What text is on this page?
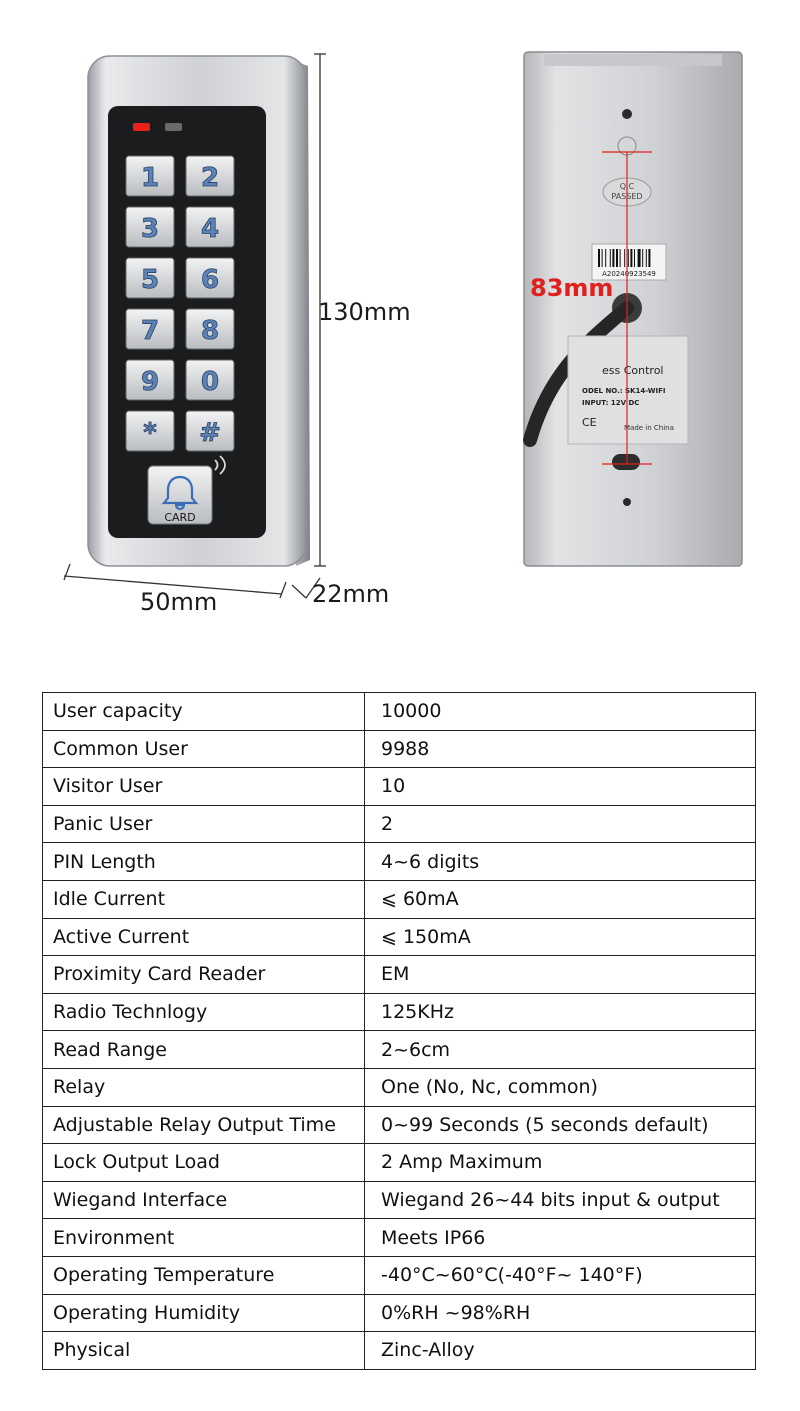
1 2
3 4
5 6
7 8
9 0
* #
CARD
130mm
50mm	22mm
Q.C
PASSED
A20240923549
ess Control
ODEL NO.: SK14-WIFI
INPUT: 12V DC
CE	Made in China
83mm
User capacity	10000
Common User	9988
Visitor User	10
Panic User	2
PIN Length	4~6 digits
Idle Current	⩽ 60mA
Active Current	⩽ 150mA
Proximity Card Reader	EM
Radio Technlogy	125KHz
Read Range	2~6cm
Relay	One (No, Nc, common)
Adjustable Relay Output Time	0~99 Seconds (5 seconds default)
Lock Output Load	2 Amp Maximum
Wiegand Interface	Wiegand 26~44 bits input & output
Environment	Meets IP66
Operating Temperature	-40°C~60°C(-40°F~ 140°F)
Operating Humidity	0%RH ~98%RH
Physical	Zinc-Alloy
